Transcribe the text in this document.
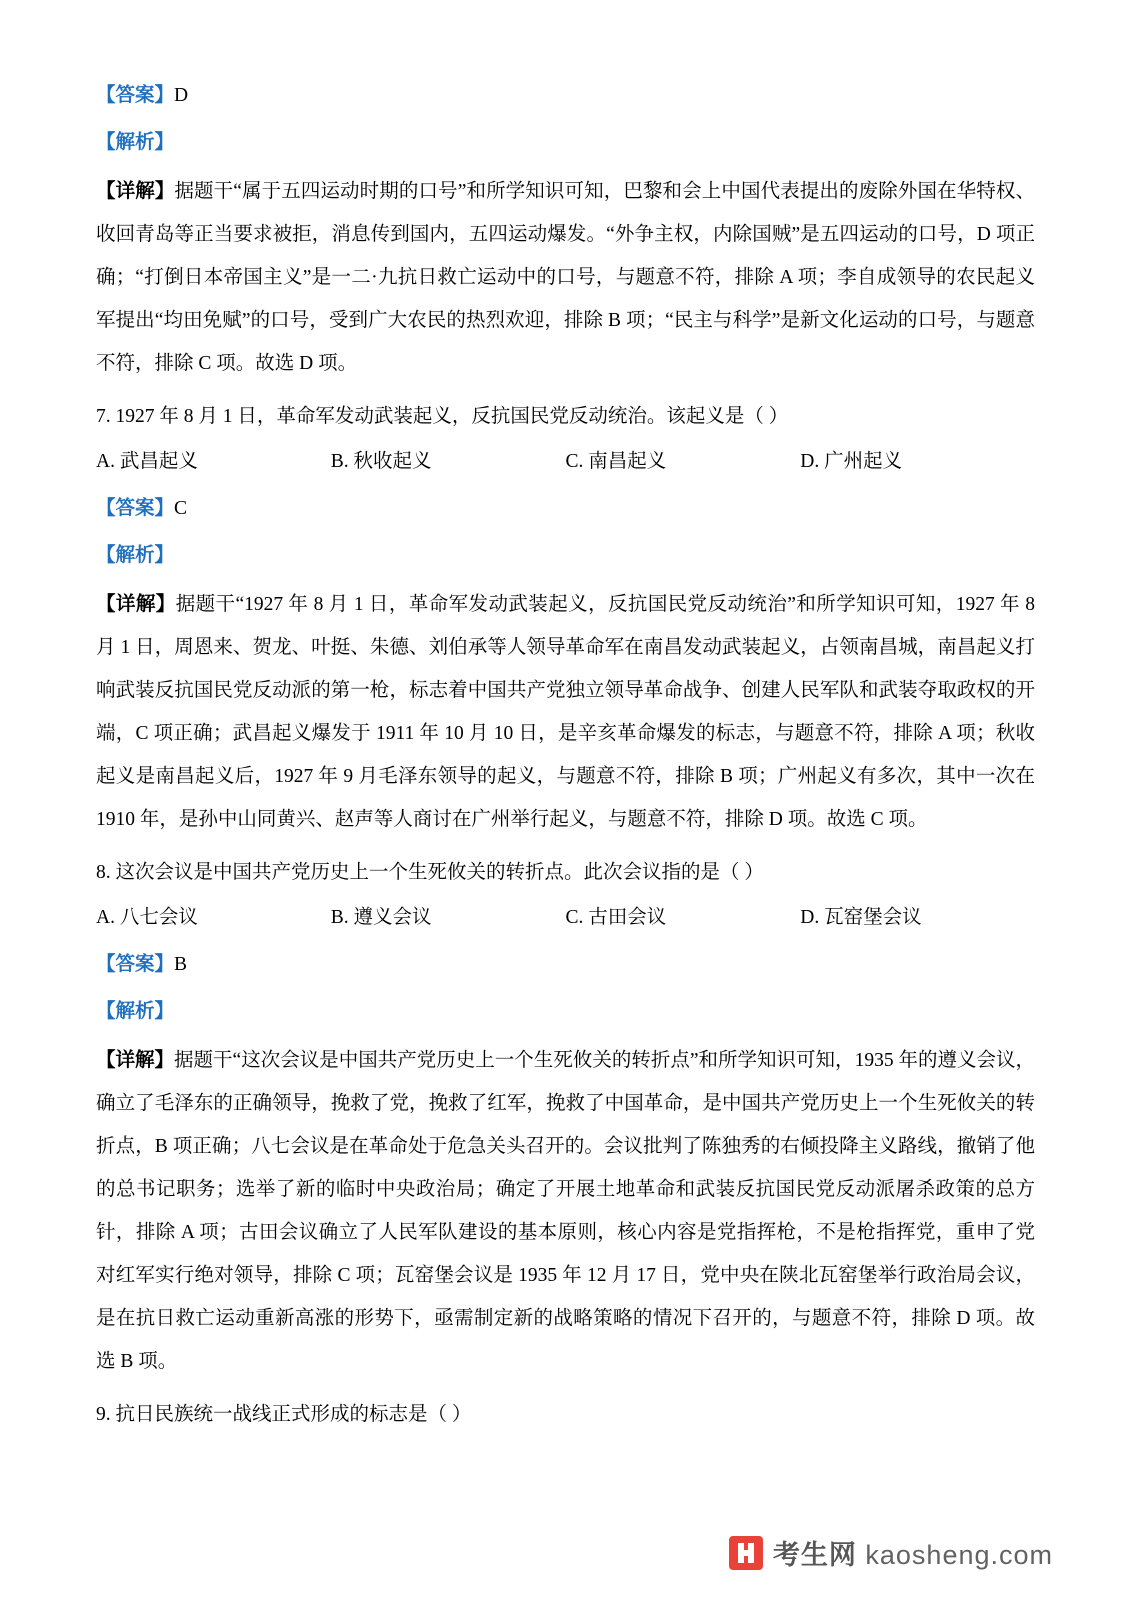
【答案】D
【解析】
【详解】据题干“属于五四运动时期的口号”和所学知识可知，巴黎和会上中国代表提出的废除外国在华特权、收回青岛等正当要求被拒，消息传到国内，五四运动爆发。“外争主权，内除国贼”是五四运动的口号，D 项正确；“打倒日本帝国主义”是一二·九抗日救亡运动中的口号，与题意不符，排除 A 项；李自成领导的农民起义军提出“均田免赋”的口号，受到广大农民的热烈欢迎，排除 B 项；“民主与科学”是新文化运动的口号，与题意不符，排除 C 项。故选 D 项。
7. 1927 年 8 月 1 日，革命军发动武装起义，反抗国民党反动统治。该起义是（ ）
A. 武昌起义	B. 秋收起义	C. 南昌起义	D. 广州起义
【答案】C
【解析】
【详解】据题干“1927 年 8 月 1 日，革命军发动武装起义，反抗国民党反动统治”和所学知识可知，1927 年 8 月 1 日，周恩来、贺龙、叶挺、朱德、刘伯承等人领导革命军在南昌发动武装起义，占领南昌城，南昌起义打响武装反抗国民党反动派的第一枪，标志着中国共产党独立领导革命战争、创建人民军队和武装夺取政权的开端，C 项正确；武昌起义爆发于 1911 年 10 月 10 日，是辛亥革命爆发的标志，与题意不符，排除 A 项；秋收起义是南昌起义后，1927 年 9 月毛泽东领导的起义，与题意不符，排除 B 项；广州起义有多次，其中一次在 1910 年，是孙中山同黄兴、赵声等人商讨在广州举行起义，与题意不符，排除 D 项。故选 C 项。
8. 这次会议是中国共产党历史上一个生死攸关的转折点。此次会议指的是（ ）
A. 八七会议	B. 遵义会议	C. 古田会议	D. 瓦窑堡会议
【答案】B
【解析】
【详解】据题干“这次会议是中国共产党历史上一个生死攸关的转折点”和所学知识可知，1935 年的遵义会议，确立了毛泽东的正确领导，挽救了党，挽救了红军，挽救了中国革命，是中国共产党历史上一个生死攸关的转折点，B 项正确；八七会议是在革命处于危急关头召开的。会议批判了陈独秀的右倾投降主义路线，撤销了他的总书记职务；选举了新的临时中央政治局；确定了开展土地革命和武装反抗国民党反动派屠杀政策的总方针，排除 A 项；古田会议确立了人民军队建设的基本原则，核心内容是党指挥枪，不是枪指挥党，重申了党对红军实行绝对领导，排除 C 项；瓦窑堡会议是 1935 年 12 月 17 日，党中央在陕北瓦窑堡举行政治局会议，是在抗日救亡运动重新高涨的形势下，亟需制定新的战略策略的情况下召开的，与题意不符，排除 D 项。故选 B 项。
9. 抗日民族统一战线正式形成的标志是（ ）
考生网 kaosheng.com
